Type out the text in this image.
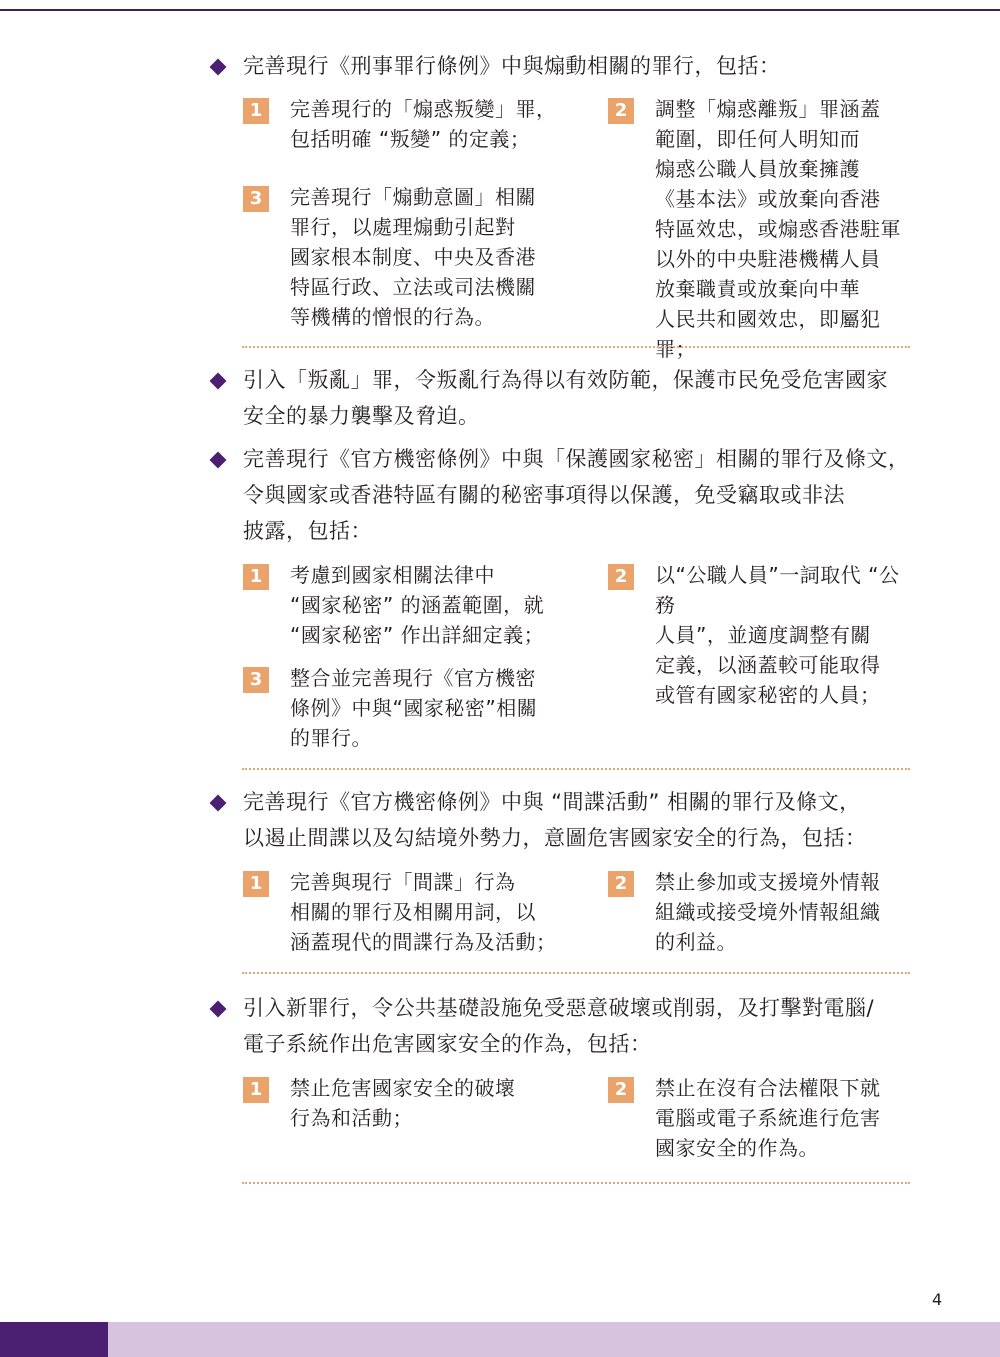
完善現行《刑事罪行條例》中與煽動相關的罪行，包括：
1	完善現行的「煽惑叛變」罪，
包括明確 “叛變” 的定義；
2	調整「煽惑離叛」罪涵蓋
範圍，即任何人明知而
煽惑公職人員放棄擁護
《基本法》或放棄向香港
特區效忠，或煽惑香港駐軍
以外的中央駐港機構人員
放棄職責或放棄向中華
人民共和國效忠，即屬犯罪；
3	完善現行「煽動意圖」相關
罪行，以處理煽動引起對
國家根本制度、中央及香港
特區行政、立法或司法機關
等機構的憎恨的行為。
引入「叛亂」罪，令叛亂行為得以有效防範，保護市民免受危害國家
安全的暴力襲擊及脅迫。
完善現行《官方機密條例》中與「保護國家秘密」相關的罪行及條文，
令與國家或香港特區有關的秘密事項得以保護，免受竊取或非法
披露，包括：
1	考慮到國家相關法律中
“國家秘密” 的涵蓋範圍，就
“國家秘密” 作出詳細定義；
2	以“公職人員”一詞取代 “公務
人員”，並適度調整有關
定義，以涵蓋較可能取得
或管有國家秘密的人員；
3	整合並完善現行《官方機密
條例》中與“國家秘密”相關
的罪行。
完善現行《官方機密條例》中與 “間諜活動” 相關的罪行及條文，
以遏止間諜以及勾結境外勢力，意圖危害國家安全的行為，包括：
1	完善與現行「間諜」行為
相關的罪行及相關用詞，以
涵蓋現代的間諜行為及活動；
2	禁止參加或支援境外情報
組織或接受境外情報組織
的利益。
引入新罪行，令公共基礎設施免受惡意破壞或削弱，及打擊對電腦/
電子系統作出危害國家安全的作為，包括：
1	禁止危害國家安全的破壞
行為和活動；
2	禁止在沒有合法權限下就
電腦或電子系統進行危害
國家安全的作為。
4
